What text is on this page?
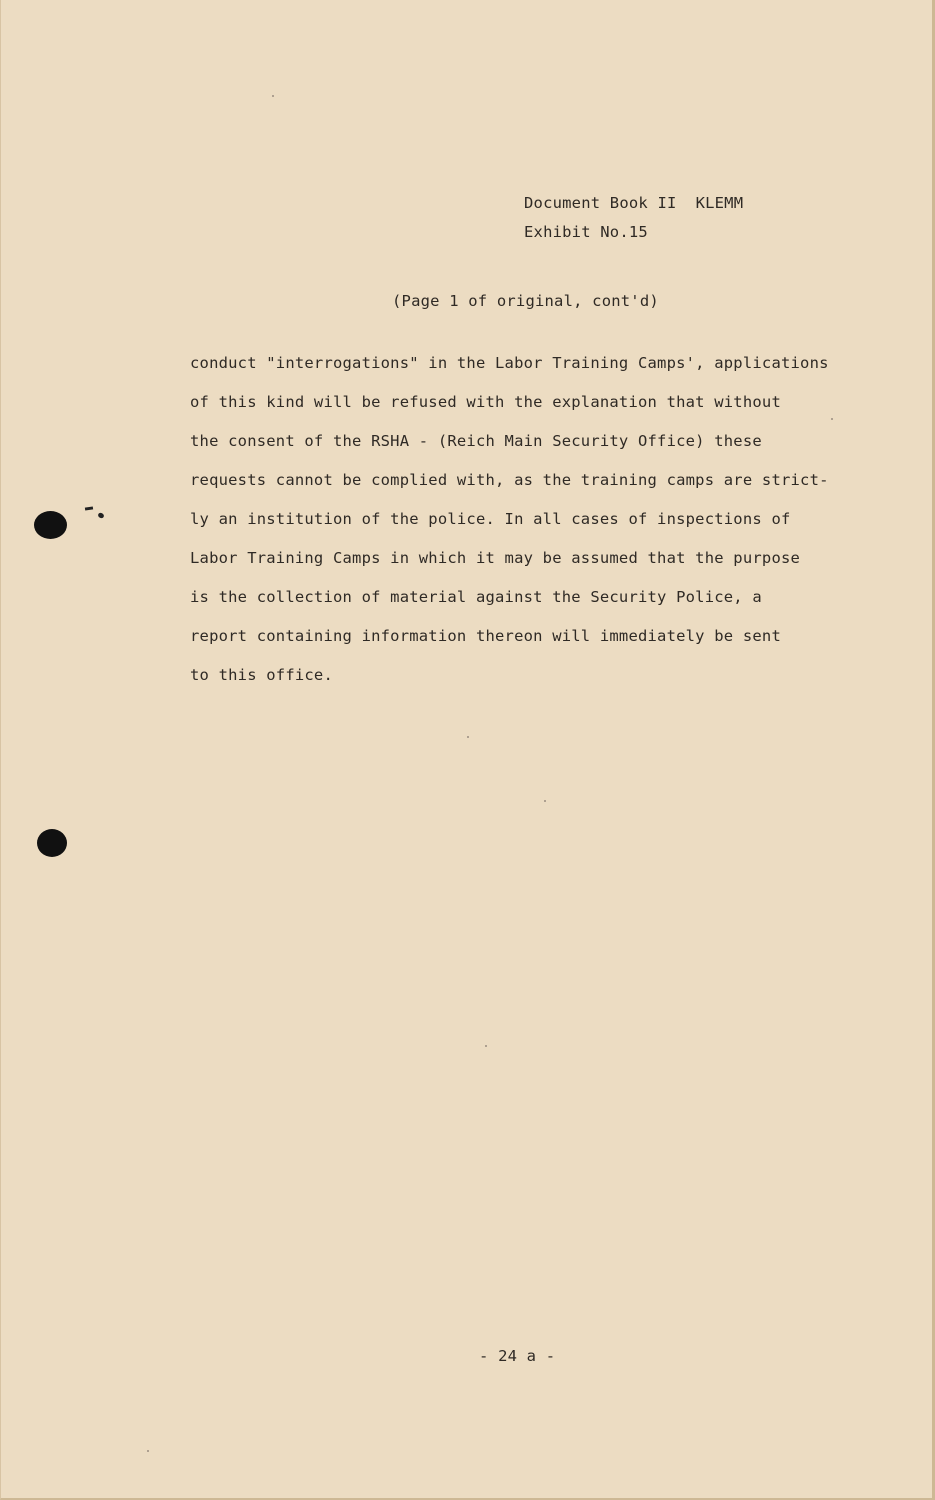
Document Book II  KLEMM
Exhibit No.15
(Page 1 of original, cont'd)
conduct "interrogations" in the Labor Training Camps', applications
of this kind will be refused with the explanation that without
the consent of the RSHA - (Reich Main Security Office) these
requests cannot be complied with, as the training camps are strict-
ly an institution of the police. In all cases of inspections of
Labor Training Camps in which it may be assumed that the purpose
is the collection of material against the Security Police, a
report containing information thereon will immediately be sent
to this office.
- 24 a -
